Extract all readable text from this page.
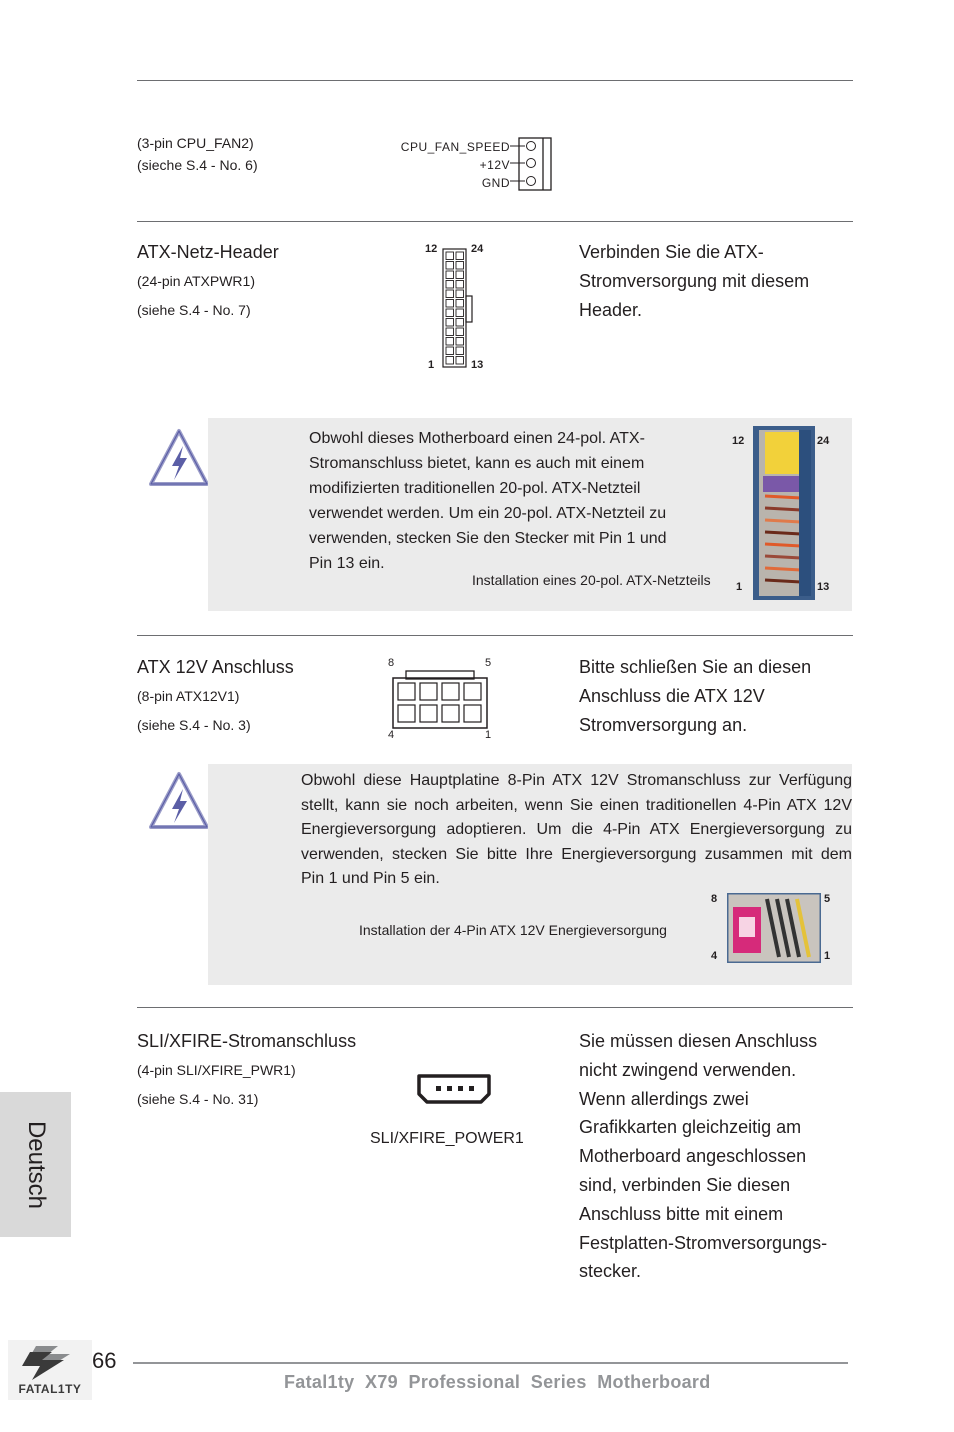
(3-pin CPU_FAN2)
(sieche S.4 - No. 6)
CPU_FAN_SPEED
+12V
GND
ATX-Netz-Header
(24-pin ATXPWR1)
(siehe S.4 - No. 7)
12	24
1	13
Verbinden Sie die ATX-
Stromversorgung mit diesem
Header.
Obwohl dieses Motherboard einen 24-pol. ATX-
Stromanschluss bietet, kann es auch mit einem
modifizierten traditionellen 20-pol. ATX-Netzteil
verwendet werden. Um ein 20-pol. ATX-Netzteil zu
verwenden, stecken Sie den Stecker mit Pin 1 und
Pin 13 ein.
Installation eines 20-pol. ATX-Netzteils
12	24
1	13
ATX 12V Anschluss
(8-pin ATX12V1)
(siehe S.4 - No. 3)
8	5
4	1
Bitte schließen Sie an diesen
Anschluss die ATX 12V
Stromversorgung an.
Obwohl diese Hauptplatine 8-Pin ATX 12V Stromanschluss zur Verfügung
stellt, kann sie noch arbeiten, wenn Sie einen traditionellen 4-Pin ATX 12V
Energieversorgung adoptieren. Um die 4-Pin ATX Energieversorgung zu
verwenden, stecken Sie bitte Ihre Energieversorgung zusammen mit dem
Pin 1 und Pin 5 ein.
Installation der 4-Pin ATX 12V Energieversorgung
8	5
4	1
SLI/XFIRE-Stromanschluss
(4-pin SLI/XFIRE_PWR1)
(siehe S.4 - No. 31)
SLI/XFIRE_POWER1
Sie müssen diesen Anschluss
nicht zwingend verwenden.
Wenn allerdings zwei
Grafikkarten gleichzeitig am
Motherboard angeschlossen
sind, verbinden Sie diesen
Anschluss bitte mit einem
Festplatten-Stromversorgungs-
stecker.
Deutsch
FATAL1TY
66
Fatal1ty  X79  Professional  Series  Motherboard
